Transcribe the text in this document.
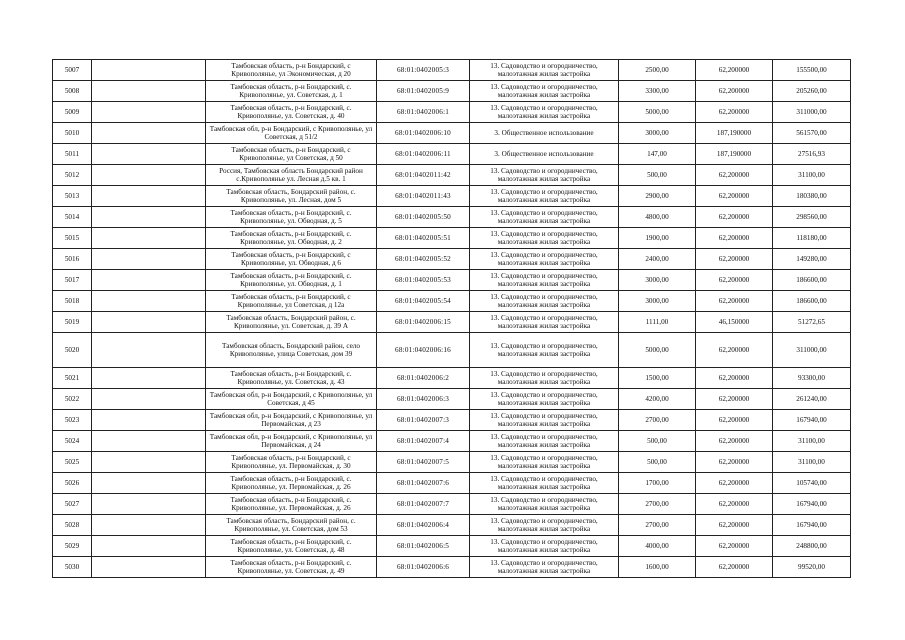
5007		Тамбовская область, р-н Бондарский, с Кривополянье, ул Экономическая, д 20	68:01:0402005:3	13. Садоводство и огородничество, малоэтажная жилая застройка	2500,00	62,200000	155500,00
5008		Тамбовская область, р-н Бондарский, с. Кривополянье, ул. Советская, д. 1	68:01:0402005:9	13. Садоводство и огородничество, малоэтажная жилая застройка	3300,00	62,200000	205260,00
5009		Тамбовская область, р-н Бондарский, с. Кривополянье, ул. Советская, д. 40	68:01:0402006:1	13. Садоводство и огородничество, малоэтажная жилая застройка	5000,00	62,200000	311000,00
5010		Тамбовская обл, р-н Бондарский, с Кривополянье, ул Советская, д 51/2	68:01:0402006:10	3. Общественное использование	3000,00	187,190000	561570,00
5011		Тамбовская область, р-н Бондарский, с Кривополянье, ул Советская, д 50	68:01:0402006:11	3. Общественное использование	147,00	187,190000	27516,93
5012		Россия, Тамбовская область Бондарский район с.Кривополянье ул. Лесная д.5 кв. 1	68:01:0402011:42	13. Садоводство и огородничество, малоэтажная жилая застройка	500,00	62,200000	31100,00
5013		Тамбовская область, Бондарский район, с. Кривополянье, ул. Лесная, дом 5	68:01:0402011:43	13. Садоводство и огородничество, малоэтажная жилая застройка	2900,00	62,200000	180380,00
5014		Тамбовская область, р-н Бондарский, с. Кривополянье, ул. Обводная, д. 5	68:01:0402005:50	13. Садоводство и огородничество, малоэтажная жилая застройка	4800,00	62,200000	298560,00
5015		Тамбовская область, р-н Бондарский, с. Кривополянье, ул. Обводная, д. 2	68:01:0402005:51	13. Садоводство и огородничество, малоэтажная жилая застройка	1900,00	62,200000	118180,00
5016		Тамбовская область, р-н Бондарский, с Кривополянье, ул. Обводная, д 6	68:01:0402005:52	13. Садоводство и огородничество, малоэтажная жилая застройка	2400,00	62,200000	149280,00
5017		Тамбовская область, р-н Бондарский, с. Кривополянье, ул. Обводная, д. 1	68:01:0402005:53	13. Садоводство и огородничество, малоэтажная жилая застройка	3000,00	62,200000	186600,00
5018		Тамбовская область, р-н Бондарский, с Кривополянье, ул Советская, д 12а	68:01:0402005:54	13. Садоводство и огородничество, малоэтажная жилая застройка	3000,00	62,200000	186600,00
5019		Тамбовская область, Бондарский район, с. Кривополянье, ул. Советская, д. 39 А	68:01:0402006:15	13. Садоводство и огородничество, малоэтажная жилая застройка	1111,00	46,150000	51272,65
5020		Тамбовская область, Бондарский район, село Кривополянье, улица Советская, дом 39	68:01:0402006:16	13. Садоводство и огородничество, малоэтажная жилая застройка	5000,00	62,200000	311000,00
5021		Тамбовская область, р-н Бондарский, с. Кривополянье, ул. Советская, д. 43	68:01:0402006:2	13. Садоводство и огородничество, малоэтажная жилая застройка	1500,00	62,200000	93300,00
5022		Тамбовская обл, р-н Бондарский, с Кривополянье, ул Советская, д 45	68:01:0402006:3	13. Садоводство и огородничество, малоэтажная жилая застройка	4200,00	62,200000	261240,00
5023		Тамбовская обл, р-н Бондарский, с Кривополянье, ул Первомайская, д 23	68:01:0402007:3	13. Садоводство и огородничество, малоэтажная жилая застройка	2700,00	62,200000	167940,00
5024		Тамбовская обл, р-н Бондарский, с Кривополянье, ул Первомайская, д 24	68:01:0402007:4	13. Садоводство и огородничество, малоэтажная жилая застройка	500,00	62,200000	31100,00
5025		Тамбовская область, р-н Бондарский, с Кривополянье, ул. Первомайская, д. 30	68:01:0402007:5	13. Садоводство и огородничество, малоэтажная жилая застройка	500,00	62,200000	31100,00
5026		Тамбовская область, р-н Бондарский, с. Кривополянье, ул. Первомайская, д. 26	68:01:0402007:6	13. Садоводство и огородничество, малоэтажная жилая застройка	1700,00	62,200000	105740,00
5027		Тамбовская область, р-н Бондарский, с. Кривополянье, ул. Первомайская, д. 26	68:01:0402007:7	13. Садоводство и огородничество, малоэтажная жилая застройка	2700,00	62,200000	167940,00
5028		Тамбовская область, Бондарский район, с. Кривополянье, ул. Советская, дом 53	68:01:0402006:4	13. Садоводство и огородничество, малоэтажная жилая застройка	2700,00	62,200000	167940,00
5029		Тамбовская область, р-н Бондарский, с. Кривополянье, ул. Советская, д. 48	68:01:0402006:5	13. Садоводство и огородничество, малоэтажная жилая застройка	4000,00	62,200000	248800,00
5030		Тамбовская область, р-н Бондарский, с. Кривополянье, ул. Советская, д. 49	68:01:0402006:6	13. Садоводство и огородничество, малоэтажная жилая застройка	1600,00	62,200000	99520,00
